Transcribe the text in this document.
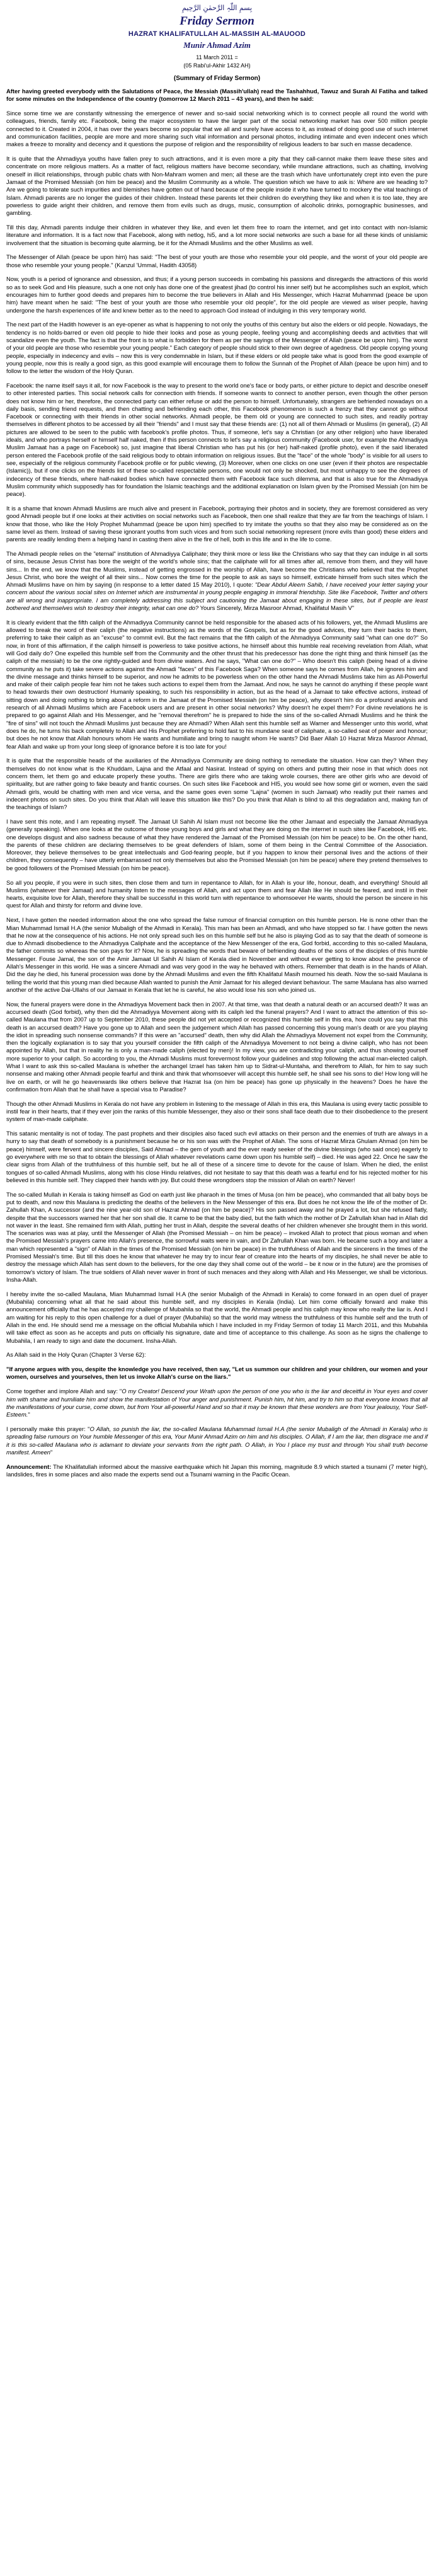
بِسمِ اللّٰہِ الرَّحمٰنِ الرَّحِیمِ
Friday Sermon
HAZRAT KHALIFATULLAH AL-MASSIH AL-MAUOOD
Munir Ahmad Azim
11 March 2011 =
(05 Rabi'ul-Akhir 1432 AH)
(Summary of Friday Sermon)

After having greeted everybody with the Salutations of Peace, the Messiah (Massih'ullah) read the Tashahhud, Tawuz and Surah Al Fatiha and talked for some minutes on the Independence of the country (tomorrow 12 March 2011 – 43 years), and then he said:

Since some time we are constantly witnessing the emergence of newer and so-said social networking which is to connect people all round the world with colleagues, friends, family etc. Facebook, being the major ecosystem to have the larger part of the social networking market has over 500 million people connected to it. Created in 2004, it has over the years become so popular that we all and surely have access to it, as instead of doing good use of such internet and communication facilities, people are more and more sharing such vital information and personal photos, including intimate and even indecent ones which makes a freeze to morality and decency and it questions the purpose of religion and the responsibility of religious leaders to bar such en masse decadence.

It is quite that the Ahmadiyya youths have fallen prey to such attractions, and it is even more a pity that they call-cannot make them leave these sites and concentrate on more religious matters. As a matter of fact, religious matters have become secondary, while mundane attractions, such as chatting, involving oneself in illicit relationships, through public chats with Non-Mahram women and men; all these are the trash which have unfortunately crept into even the pure Jamaat of the Promised Messiah (on him be peace) and the Muslim Community as a whole. The question which we have to ask is: Where are we heading to? Are we going to tolerate such impurities and blemishes have gotten out of hand because of the people inside it who have turned to mockery the vital teachings of Islam. Ahmadi parents are no longer the guides of their children. Instead these parents let their children do everything they like and when it is too late, they are powerless to guide aright their children, and remove them from evils such as drugs, music, consumption of alcoholic drinks, pornographic businesses, and gambling.

Till this day, Ahmadi parents indulge their children in whatever they like, and even let them free to roam the internet, and get into contact with non-Islamic literature and information. It is a fact now that Facebook, along with netlog, hi5, and a lot more social networks are such a base for all these kinds of unislamic involvement that the situation is becoming quite alarming, be it for the Ahmadi Muslims and the other Muslims as well.

The Messenger of Allah (peace be upon him) has said: "The best of your youth are those who resemble your old people, and the worst of your old people are those who resemble your young people." (Kanzul 'Ummal, Hadith 43058)

Now, youth is a period of ignorance and obsession, and thus; if a young person succeeds in combating his passions and disregards the attractions of this world so as to seek God and His pleasure, such a one not only has done one of the greatest jihad (to control his inner self) but he accomplishes such an exploit, which encourages him to further good deeds and prepares him to become the true believers in Allah and His Messenger, which Hazrat Muhammad (peace be upon him) have meant when he said: "The best of your youth are those who resemble your old people", for the old people are viewed as wiser people, having undergone the harsh experiences of life and knew better as to the need to approach God instead of indulging in this very temporary world.

The next part of the Hadith however is an eye-opener as what is happening to not only the youths of this century but also the elders or old people. Nowadays, the tendency is no holds-barred or even old people to hide their looks and pose as young people, feeling young and accomplishing deeds and activities that will scandalize even the youth. The fact is that the front is to what is forbidden for them as per the sayings of the Messenger of Allah (peace be upon him). The worst of your old people are those who resemble your young people." Each category of people should stick to their own degree of agedness. Old people copying young people, especially in indecency and evils – now this is very condemnable in Islam, but if these elders or old people take what is good from the good example of young people, now this is really a good sign, as this good example will encourage them to follow the Sunnah of the Prophet of Allah (peace be upon him) and to follow to the letter the wisdom of the Holy Quran.

Facebook: the name itself says it all, for now Facebook is the way to present to the world one's face or body parts, or either picture to depict and describe oneself to other interested parties. This social network calls for connection with friends. If someone wants to connect to another person, even though the other person does not know him or her, therefore, the connected party can either refuse or add the person to himself. Unfortunately, strangers are befriended nowadays on a daily basis, sending friend requests, and then chatting and befriending each other, this Facebook phenomenon is such a frenzy that they cannot go without Facebook or connecting with their friends in other social networks. Ahmadi people, be them old or young are connected to such sites, and readily portray themselves in different photos to be accessed by all their "friends" and I must say that these friends are: (1) not all of them Ahmadi or Muslims (in general), (2) All pictures are allowed to be seen to the public with facebook's profile photos. Thus, if someone, let's say a Christian (or any other religion) who have liberated ideals, and who portrays herself or himself half naked, then if this person connects to let's say a religious community (Facebook user, for example the Ahmadiyya Muslim Jamaat has a page on Facebook) so, just imagine that liberal Christian who has put his (or her) half-naked (profile photo), even if the said liberated person entered the Facebook profile of the said religious body to obtain information on religious issues. But the "face" of the whole "body" is visible for all users to see, especially of the religious community Facebook profile or for public viewing, (3) Moreover, when one clicks on one user (even if their photos are respectable (Islamic)), but if one clicks on the friends list of these so-called respectable persons, one would not only be shocked, but most unhappy to see the degrees of indecency of these friends, where half-naked bodies which have connected them with Facebook face such dilemma, and that is also true for the Ahmadiyya Muslim community which supposedly has for foundation the Islamic teachings and the additional explanation on Islam given by the Promised Messiah (on him be peace).

It is a shame that known Ahmadi Muslims are much alive and present in Facebook, portraying their photos and in society, they are foremost considered as very good Ahmadi people but if one looks at their activities on social networks such as Facebook, then one shall realize that they are far from the teachings of Islam. I know that those, who like the Holy Prophet Muhammad (peace be upon him) specified to try imitate the youths so that they also may be considered as on the same level as them. Instead of saving these ignorant youths from such vices and from such social networking represent (more evils than good) these elders and parents are readily lending them a helping hand in casting them alive in the fire of hell, both in this life and in the life to come.

The Ahmadi people relies on the "eternal" institution of Ahmadiyya Caliphate; they think more or less like the Christians who say that they can indulge in all sorts of sins, because Jesus Christ has bore the weight of the world's whole sins; that the caliphate will for all times after all, remove from them, and they will have sins... In the end, we know that the Muslims, instead of getting engrossed in the worship of Allah, have become the Christians who believed that the Prophet Jesus Christ, who bore the weight of all their sins... Now comes the time for the people to ask as says so himself, extricate himself from such sites which the Ahmadi Muslims have on him by saying (in response to a letter dated 15 May 2010), I quote: "Dear Abdul Aleem Sahib, I have received your letter saying your concern about the various social sites on Internet which are instrumental in young people engaging in immoral friendship. Site like Facebook, Twitter and others are all wrong and inappropriate. I am completely addressing this subject and cautioning the Jamaat about engaging in these sites, but if people are least bothered and themselves wish to destroy their integrity, what can one do? Yours Sincerely, Mirza Masroor Ahmad, Khalifatul Masih V"

It is clearly evident that the fifth caliph of the Ahmadiyya Community cannot be held responsible for the abased acts of his followers, yet, the Ahmadi Muslims are allowed to break the word of their caliph (the negative instructions) as the words of the Gospels, but as for the good advices, they turn their backs to them, preferring to take their caliph as an "excuse" to commit evil. But the fact remains that the fifth caliph of the Ahmadiyya Community said "what can one do?" So now, in front of this affirmation, if the caliph himself is powerless to take positive actions, he himself about this humble real receiving revelation from Allah, what will God daily do? One expelled this humble self from the Community and the other thrust that his predecessor has done the right thing and think himself (as the caliph of the messiah) to be the one rightly-guided and from divine waters. And he says, "What can one do?" – Who doesn't this caliph (being head of a divine community as he puts it) take severe actions against the Ahmadi "faces" of this Facebook Saga? When someone says he comes from Allah, he ignores him and the divine message and thinks himself to be superior, and now he admits to be powerless when on the other hand the Ahmadi Muslims take him as All-Powerful and make of their caliph people fear him not he takes such actions to expel them from the Jamaat. And now, he says he cannot do anything if these people want to head towards their own destruction! Humanly speaking, to such his responsibility in action, but as the head of a Jamaat to take effective actions, instead of sitting down and doing nothing to bring about a reform in the Jamaat of the Promised Messiah (on him be peace), why doesn't him do a profound analysis and research of all Ahmadi Muslims which are Facebook users and are present in other social networks? Why doesn't he expel them? For divine revelations he is prepared to go against Allah and His Messenger, and he "removal therefrom" he is prepared to hide the sins of the so-called Ahmadi Muslims and he think the "fire of sins" will not touch the Ahmadi Muslims just because they are Ahmadi? When Allah sent this humble self as Warner and Messenger unto this world, what does he do, he turns his back completely to Allah and His Prophet preferring to hold fast to his mundane seat of caliphate, a so-called seat of power and honour; but does he not know that Allah honours whom He wants and humiliate and bring to naught whom He wants? Did Baer Allah 10 Hazrat Mirza Masroor Ahmad, fear Allah and wake up from your long sleep of ignorance before it is too late for you!

It is quite that the responsible heads of the auxiliaries of the Ahmadiyya Community are doing nothing to remediate the situation. How can they? When they themselves do not know what is the Khuddam, Lajna and the Atfaal and Nasirat. Instead of spying on others and putting their nose in that which does not concern them, let them go and educate properly these youths. There are girls there who are taking wrole courses, there are other girls who are devoid of spirituality, but are rather going to fake beauty and frantic courses. On such sites like Facebook and HI5, you would see how some girl or women, even the said Ahmadi girls, would be chatting with men and vice versa, and the same goes even some "Lajna" (women in such Jamaat) who readily put their names and indecent photos on such sites. Do you think that Allah will leave this situation like this? Do you think that Allah is blind to all this degradation and, making fun of the teachings of Islam?

I have sent this note, and I am repeating myself. The Jamaat Ul Sahih Al Islam must not become like the other Jamaat and especially the Jamaat Ahmadiyya (generally speaking). When one looks at the outcome of those young boys and girls and what they are doing on the internet in such sites like Facebook, HI5 etc. one develops disgust and also sadness because of what they have rendered the Jamaat of the Promised Messiah (on him be peace) to be. On the other hand, the parents of these children are declaring themselves to be great defenders of Islam, some of them being in the Central Committee of the Association. Moreover, they believe themselves to be great intellectuals and God-fearing people, but if you happen to know their personal lives and the actions of their children, they consequently – have utterly embarrassed not only themselves but also the Promised Messiah (on him be peace) where they pretend themselves to be good followers of the Promised Messiah (on him be peace).

So all you people, if you were in such sites, then close them and turn in repentance to Allah, for in Allah is your life, honour, death, and everything! Should all Muslims (whatever their Jamaat) and humanity listen to the messages of Allah, and act upon them and fear Allah like He should be feared, and instil in their hearts, exquisite love for Allah, therefore they shall be successful in this world turn with repentance to whomsoever He wants, should the person be sincere in his quest for Allah and thirsty for reform and divine love.

Next, I have gotten the needed information about the one who spread the false rumour of financial corruption on this humble person. He is none other than the Mian Muhammad Ismail H.A (the senior Mubaligh of the Ahmadi in Kerala). This man has been an Ahmadi, and who have stopped so far. I have gotten the news that he now at the consequence of his actions. He not only spread such lies on this humble self but he also is playing God as to say that the death of someone is due to Ahmadi disobedience to the Ahmadiyya Caliphate and the acceptance of the New Messenger of the era, God forbid, according to this so-called Maulana, the father commits so whereas the son pays for it? Now, he is spreading the words that beware of befriending deaths of the sons of the disciples of this humble Messenger. Fouse Jamal, the son of the Amir Jamaat Ul Sahih Al Islam of Kerala died in November and without ever getting to know about the presence of Allah's Messenger in this world. He was a sincere Ahmadi and was very good in the way he behaved with others. Remember that death is in the hands of Allah. Did the day he died, his funeral procession was done by the Ahmadi Muslims and even the fifth Khalifatul Masih mourned his death. Now the so-said Maulana is telling the world that this young man died because Allah wanted to punish the Amir Jamaat for his alleged deviant behaviour. The same Maulana has also warned another of the active Dai-Ullahs of our Jamaat in Kerala that let he is careful, he also would lose his son who joined us.

Now, the funeral prayers were done in the Ahmadiyya Movement back then in 2007. At that time, was that death a natural death or an accursed death? It was an accursed death (God forbid), why then did the Ahmadiyya Movement along with its caliph led the funeral prayers? And I want to attract the attention of this so-called Maulana that from 2007 up to September 2010, these people did not yet accepted or recognized this humble self in this era, how could you say that this death is an accursed death? Have you gone up to Allah and seen the judgement which Allah has passed concerning this young man's death or are you playing the idiot in spreading such nonsense commands? If this were an "accursed" death, then why did Allah the Ahmadiyya Movement not expel from the Community, then the logically explanation is to say that you yourself consider the fifth caliph of the Ahmadiyya Movement to not being a divine caliph, who has not been appointed by Allah, but that in reality he is only a man-made caliph (elected by men)! In my view, you are contradicting your caliph, and thus showing yourself more superior to your caliph. So according to you, the Ahmadi Muslims must forevermost follow your guidelines and stop following the actual man-elected caliph. What I want to ask this so-called Maulana is whether the archangel Izrael has taken him up to Sidrat-ul-Muntaha, and therefrom to Allah, for him to say such nonsense and making other Ahmadi people fearful and think and think that whomsoever will accept this humble self, he shall see his sons to die! How long will he live on earth, or will he go heavenwards like others believe that Hazrat Isa (on him be peace) has gone up physically in the heavens? Does he have the confirmation from Allah that he shall have a special visa to Paradise?

Though the other Ahmadi Muslims in Kerala do not have any problem in listening to the message of Allah in this era, this Maulana is using every tactic possible to instil fear in their hearts, that if they ever join the ranks of this humble Messenger, they also or their sons shall face death due to their disobedience to the present system of man-made caliphate.

This satanic mentality is not of today. The past prophets and their disciples also faced such evil attacks on their person and the enemies of truth are always in a hurry to say that death of somebody is a punishment because he or his son was with the Prophet of Allah. The sons of Hazrat Mirza Ghulam Ahmad (on him be peace) himself, were fervent and sincere disciples, Said Ahmad – the gem of youth and the ever ready seeker of the divine blessings (who said once) eagerly to go everywhere with me so that to obtain the blessings of Allah whatever revelations came down upon his humble self) – died. He was aged 22. Once he saw the clear signs from Allah of the truthfulness of this humble self, but he all of these of a sincere time to devote for the cause of Islam. When he died, the enlist tongues of so-called Ahmadi Muslims, along with his close Hindu relatives, did not hesitate to say that this death was a fearful end for his rejected mother for his believed in this humble self. They clapped their hands with joy. But could these wrongdoers stop the mission of Allah on earth? Never!

The so-called Mullah in Kerala is taking himself as God on earth just like pharaoh in the times of Musa (on him be peace), who commanded that all baby boys be put to death, and now this Maulana is predicting the deaths of the believers in the New Messenger of this era. But does he not know the life of the mother of Dr. Zahullah Khan, A successor (and the nine year-old son of Hazrat Ahmad (on him be peace)? His son passed away and he prayed a lot, but she refused flatly, despite that the successors warned her that her son shall die. It came to be that the baby died, but the faith which the mother of Dr Zafrullah khan had in Allah did not waver in the least. She remained firm with Allah, putting her trust in Allah, despite the several deaths of her children whenever she brought them in this world. The scenarios was was at play, until the Messenger of Allah (the Promised Messiah – on him be peace) – invoked Allah to protect that pious woman and when the Promised Messiah's prayers came into Allah's presence, the sorrowful waits were in vain, and Dr Zafrullah Khan was born. He became such a boy and later a man which represented a "sign" of Allah in the times of the Promised Messiah (on him be peace) in the truthfulness of Allah and the sincerens in the times of the Promised Messiah's time. But till this does he know that whatever he may try to incur fear of creature into the hearts of my disciples, he shall never be able to destroy the message which Allah has sent down to the believers, for the one day they shall come out of the world – be it now or in the future) are the promises of tomorrow's victory of Islam. The true soldiers of Allah never waver in front of such menaces and they along with Allah and His Messenger, we shall be victorious. Insha-Allah.

I hereby invite the so-called Maulana, Mian Muhammad Ismail H.A (the senior Mubaligh of the Ahmadi in Kerala) to come forward in an open duel of prayer (Mubahila) concerning what all that he said about this humble self, and my disciples in Kerala (India). Let him come officially forward and make this announcement officially that he has accepted my challenge of Mubahila so that the world, the Ahmadi people and his caliph may know who really the liar is. And I am waiting for his reply to this open challenge for a duel of prayer (Mubahila) so that the world may witness the truthfulness of this humble self and the truth of Allah in the end. He should send me a message on the official Mubahila which I have included in my Friday Sermon of today 11 March 2011, and this Mubahila will take effect as soon as he accepts and puts on officially his signature, date and time of acceptance to this challenge. As soon as he signs the challenge to Mubahila, I am ready to sign and date the document. Insha-Allah.

As Allah said in the Holy Quran (Chapter 3 Verse 62):

"If anyone argues with you, despite the knowledge you have received, then say, "Let us summon our children and your children, our women and your women, ourselves and yourselves, then let us invoke Allah's curse on the liars."

Come together and implore Allah and say: "O my Creator! Descend your Wrath upon the person of one you who is the liar and deceitful in Your eyes and cover him with shame and humiliate him and show the manifestation of Your anger and punishment. Punish him, hit him, and try to him so that everyone knows that all the manifestations of your curse, come down, but from Your all-powerful Hand and so that it may be known that these wonders are from Your jealousy, Your Self-Esteem."

I personally make this prayer: "O Allah, so punish the liar, the so-called Maulana Muhammad Ismail H.A (the senior Mubaligh of the Ahmadi in Kerala) who is spreading false rumours on Your humble Messenger of this era, Your Munir Ahmad Azim on him and his disciples. O Allah, if I am the liar, then disgrace me and if it is this so-called Maulana who is adamant to deviate your servants from the right path. O Allah, in You I place my trust and through You shall truth become manifest. Ameen"

Announcement: The Khalifatullah informed about the massive earthquake which hit Japan this morning, magnitude 8.9 which started a tsunami (7 meter high), landslides, fires in some places and also made the experts send out a Tsunami warning in the Pacific Ocean.
